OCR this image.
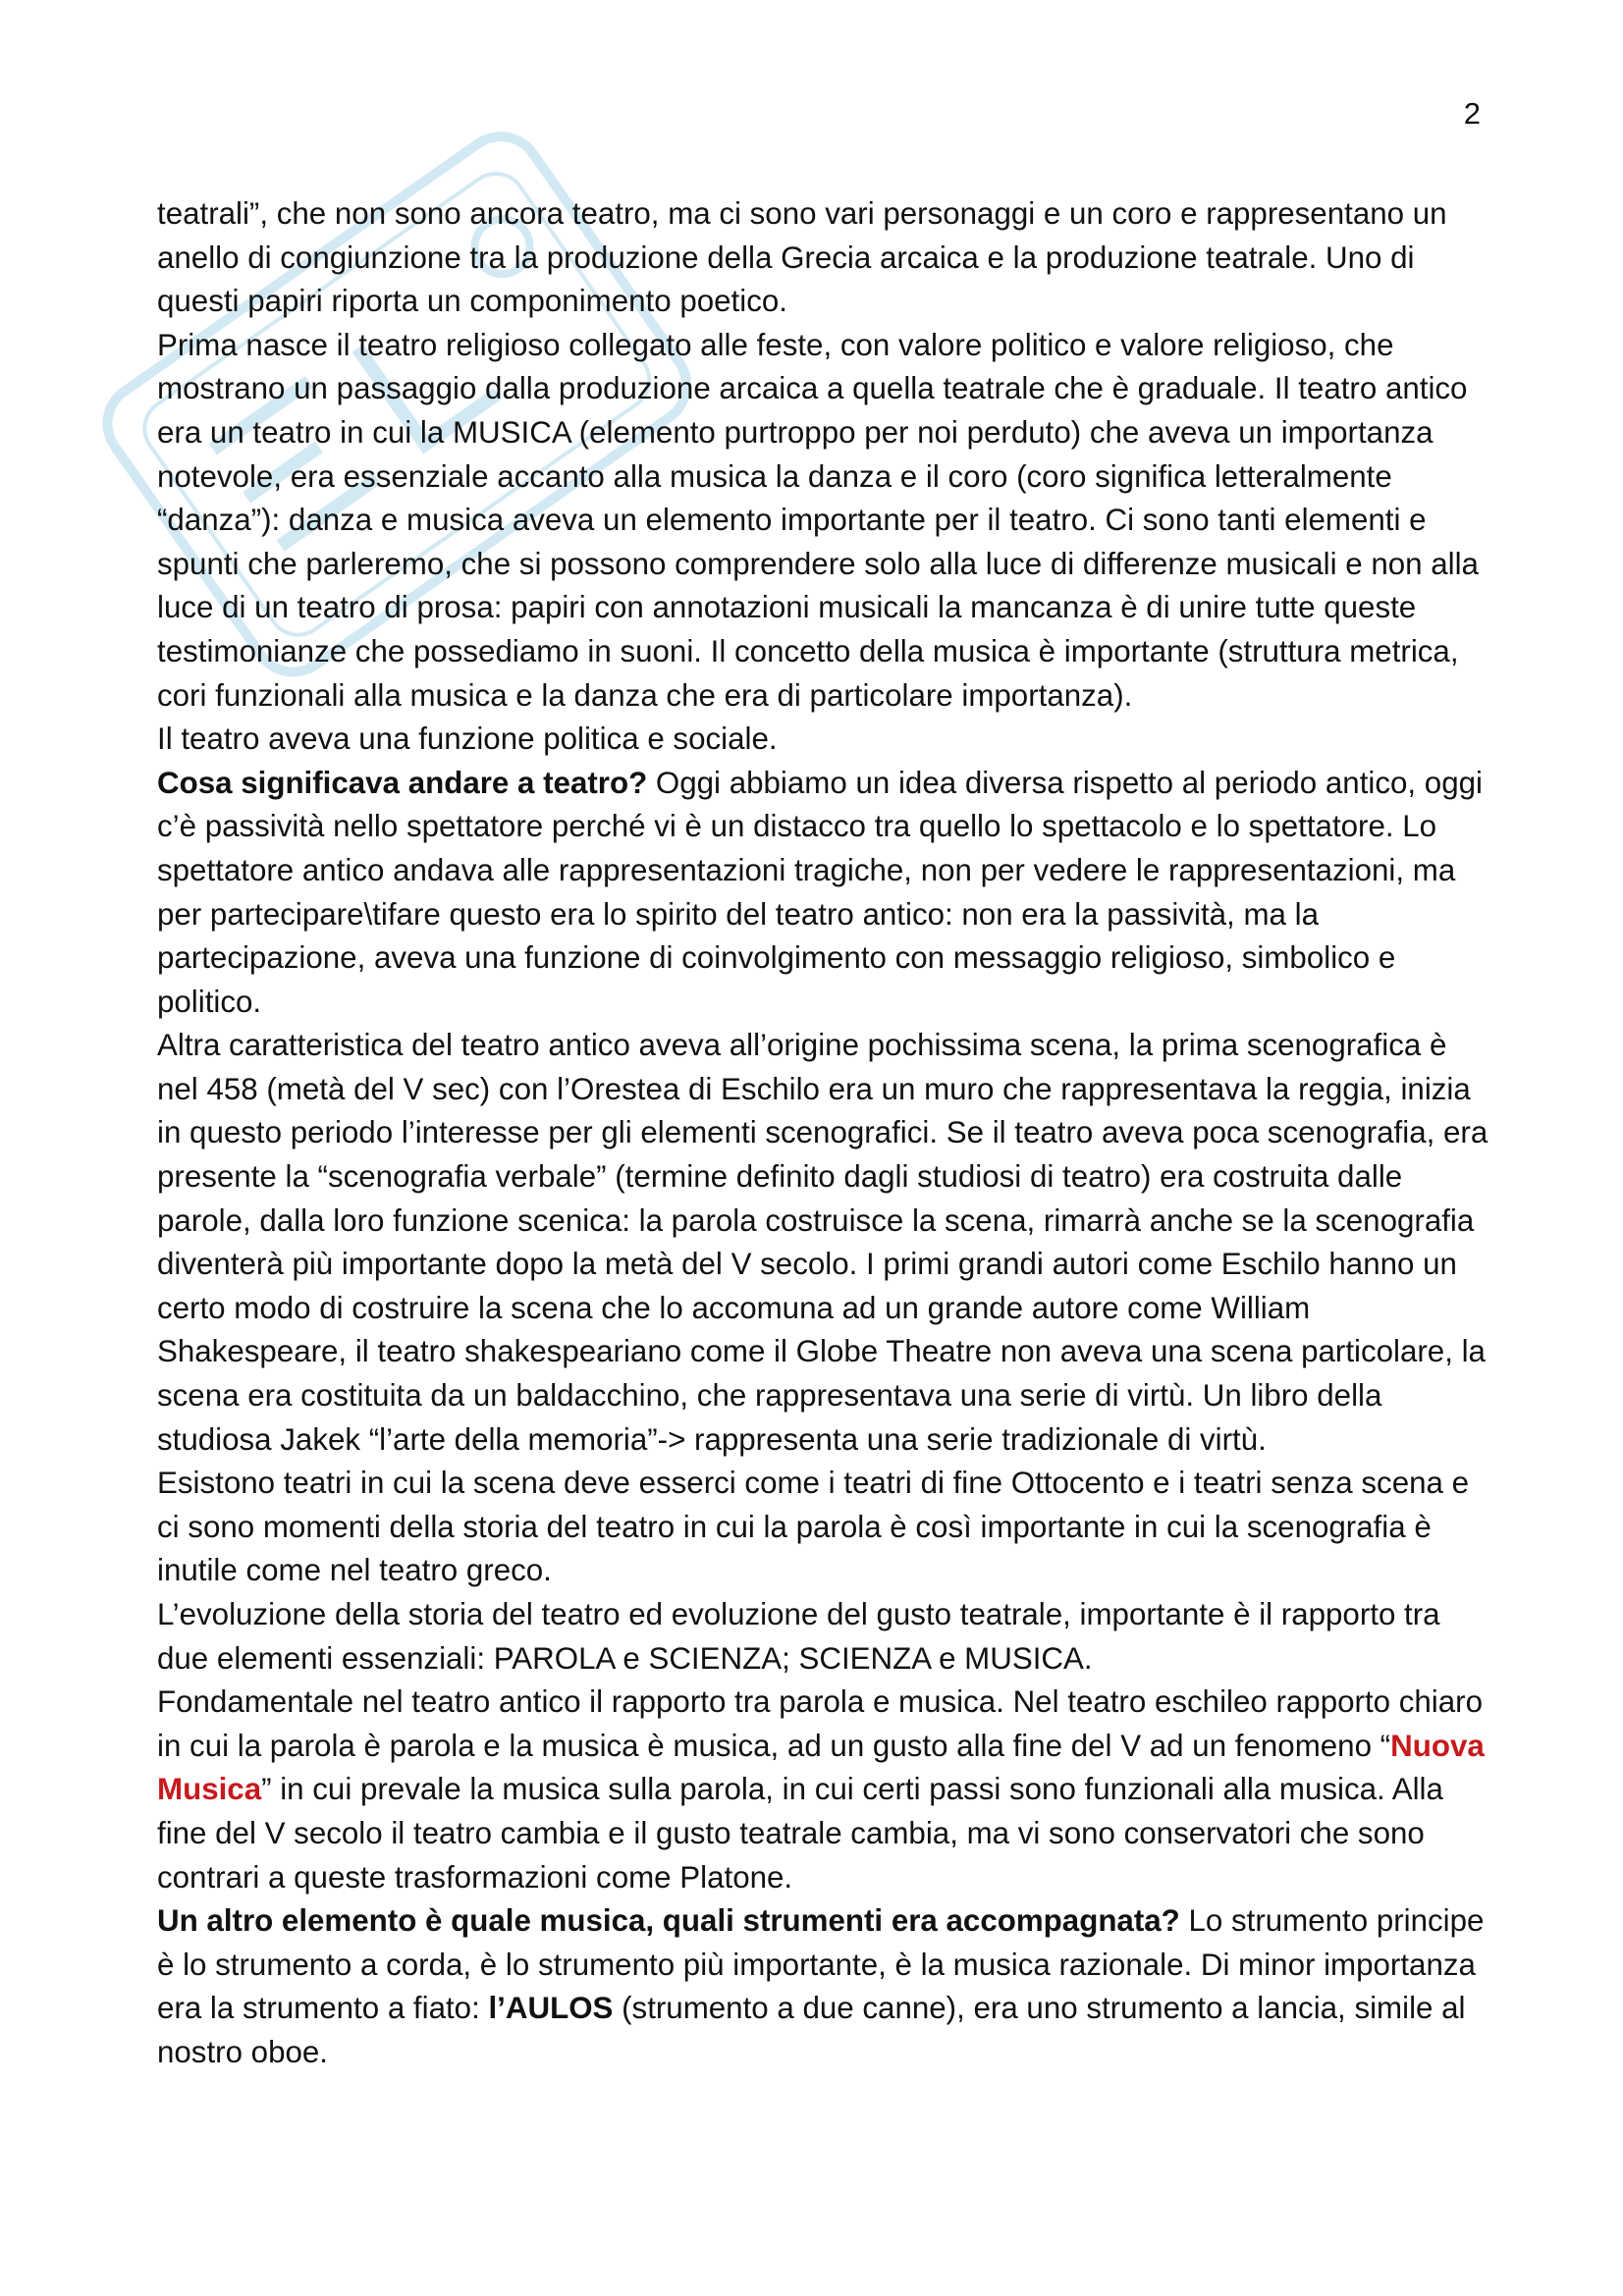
2

teatrali”, che non sono ancora teatro, ma ci sono vari personaggi e un coro e rappresentano un anello di congiunzione tra la produzione della Grecia arcaica e la produzione teatrale. Uno di questi papiri riporta un componimento poetico.

Prima nasce il teatro religioso collegato alle feste, con valore politico e valore religioso, che mostrano un passaggio dalla produzione arcaica a quella teatrale che è graduale. Il teatro antico era un teatro in cui la MUSICA (elemento purtroppo per noi perduto) che aveva un importanza notevole, era essenziale accanto alla musica la danza e il coro (coro significa letteralmente “danza”): danza e musica aveva un elemento importante per il teatro. Ci sono tanti elementi e spunti che parleremo, che si possono comprendere solo alla luce di differenze musicali e non alla luce di un teatro di prosa: papiri con annotazioni musicali la mancanza è di unire tutte queste testimonianze che possediamo in suoni. Il concetto della musica è importante (struttura metrica, cori funzionali alla musica e la danza che era di particolare importanza).

Il teatro aveva una funzione politica e sociale.

Cosa significava andare a teatro? Oggi abbiamo un idea diversa rispetto al periodo antico, oggi c’è passività nello spettatore perché vi è un distacco tra quello lo spettacolo e lo spettatore. Lo spettatore antico andava alle rappresentazioni tragiche, non per vedere le rappresentazioni, ma per partecipare\tifare questo era lo spirito del teatro antico: non era la passività, ma la partecipazione, aveva una funzione di coinvolgimento con messaggio religioso, simbolico e politico.

Altra caratteristica del teatro antico aveva all’origine pochissima scena, la prima scenografica è nel 458 (metà del V sec) con l’Orestea di Eschilo era un muro che rappresentava la reggia, inizia in questo periodo l’interesse per gli elementi scenografici. Se il teatro aveva poca scenografia, era presente la “scenografia verbale” (termine definito dagli studiosi di teatro) era costruita dalle parole, dalla loro funzione scenica: la parola costruisce la scena, rimarrà anche se la scenografia diventerà più importante dopo la metà del V secolo. I primi grandi autori come Eschilo hanno un certo modo di costruire la scena che lo accomuna ad un grande autore come William Shakespeare, il teatro shakespeariano come il Globe Theatre non aveva una scena particolare, la scena era costituita da un baldacchino, che rappresentava una serie di virtù. Un libro della studiosa Jakek “l’arte della memoria”-> rappresenta una serie tradizionale di virtù.

Esistono teatri in cui la scena deve esserci come i teatri di fine Ottocento e i teatri senza scena e ci sono momenti della storia del teatro in cui la parola è così importante in cui la scenografia è inutile come nel teatro greco.

L’evoluzione della storia del teatro ed evoluzione del gusto teatrale, importante è il rapporto tra due elementi essenziali: PAROLA e SCIENZA; SCIENZA e MUSICA.

Fondamentale nel teatro antico il rapporto tra parola e musica. Nel teatro eschileo rapporto chiaro in cui la parola è parola e la musica è musica, ad un gusto alla fine del V ad un fenomeno “Nuova Musica” in cui prevale la musica sulla parola, in cui certi passi sono funzionali alla musica. Alla fine del V secolo il teatro cambia e il gusto teatrale cambia, ma vi sono conservatori che sono contrari a queste trasformazioni come Platone.

Un altro elemento è quale musica, quali strumenti era accompagnata? Lo strumento principe è lo strumento a corda, è lo strumento più importante, è la musica razionale. Di minor importanza era la strumento a fiato: l’AULOS (strumento a due canne), era uno strumento a lancia, simile al nostro oboe.
